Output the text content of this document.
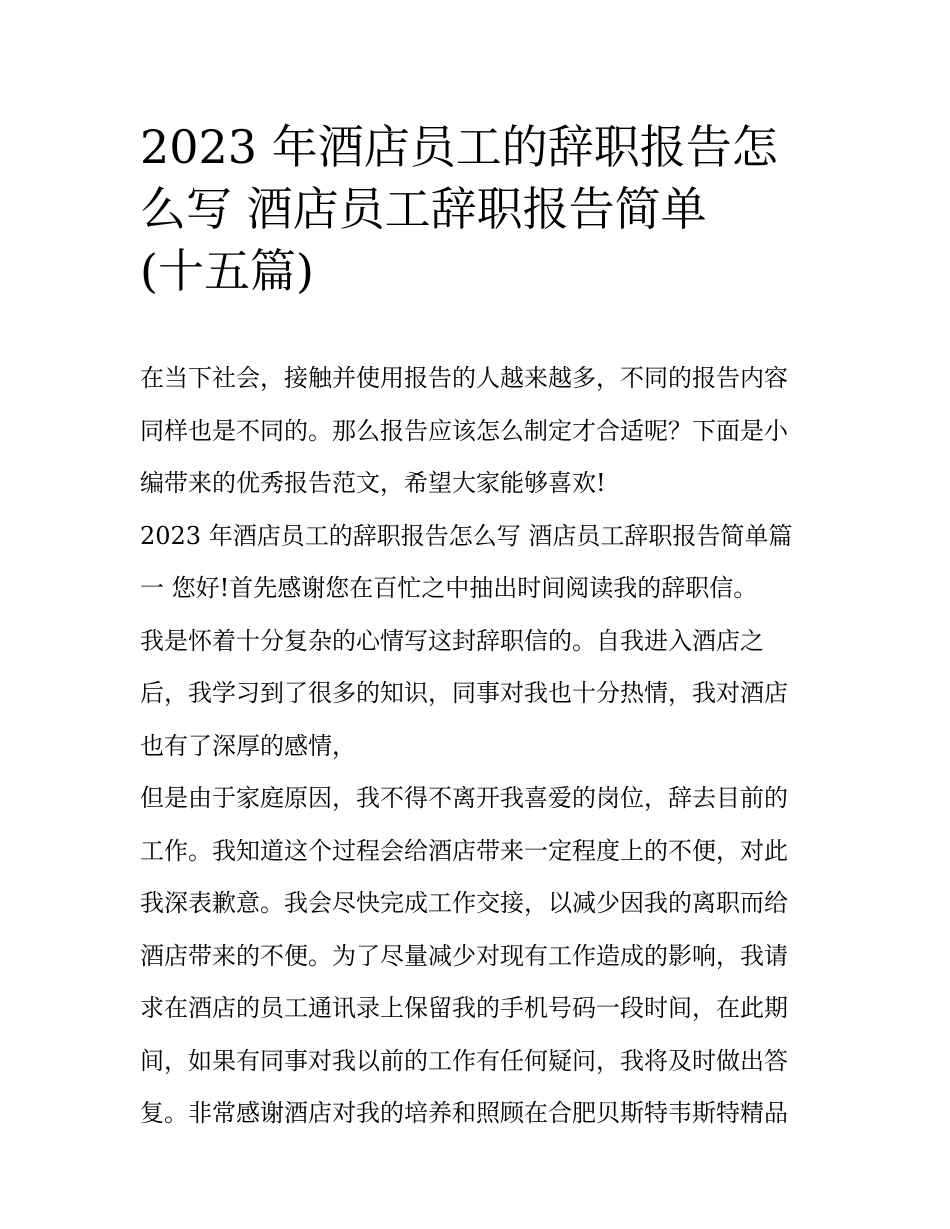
2023 年酒店员工的辞职报告怎
么写 酒店员工辞职报告简单
(十五篇)
在当下社会，接触并使用报告的人越来越多，不同的报告内容
同样也是不同的。那么报告应该怎么制定才合适呢？下面是小
编带来的优秀报告范文，希望大家能够喜欢!
2023 年酒店员工的辞职报告怎么写 酒店员工辞职报告简单篇
一 您好!首先感谢您在百忙之中抽出时间阅读我的辞职信。
我是怀着十分复杂的心情写这封辞职信的。自我进入酒店之
后，我学习到了很多的知识，同事对我也十分热情，我对酒店
也有了深厚的感情，
但是由于家庭原因，我不得不离开我喜爱的岗位，辞去目前的
工作。我知道这个过程会给酒店带来一定程度上的不便，对此
我深表歉意。我会尽快完成工作交接，以减少因我的离职而给
酒店带来的不便。为了尽量减少对现有工作造成的影响，我请
求在酒店的员工通讯录上保留我的手机号码一段时间，在此期
间，如果有同事对我以前的工作有任何疑问，我将及时做出答
复。非常感谢酒店对我的培养和照顾在合肥贝斯特韦斯特精品
